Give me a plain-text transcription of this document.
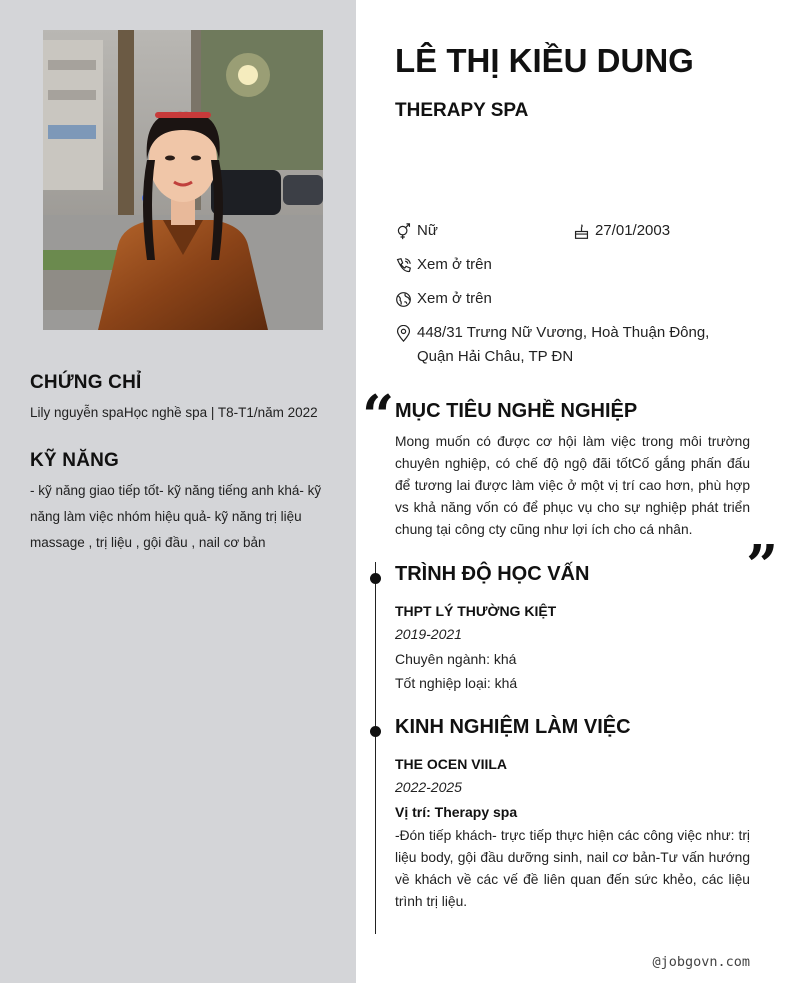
CHỨNG CHỈ
Lily nguyễn spaHọc nghề spa | T8-T1/năm 2022
KỸ NĂNG
- kỹ năng giao tiếp tốt- kỹ năng tiếng anh khá- kỹ năng làm việc nhóm hiệu quả- kỹ năng trị liệu massage , trị liệu , gội đầu , nail cơ bản
LÊ THỊ KIỀU DUNG
THERAPY SPA
Nữ	27/01/2003
Xem ở trên
Xem ở trên
448/31 Trưng Nữ Vương, Hoà Thuận Đông,
Quận Hải Châu, TP ĐN
“ MỤC TIÊU NGHỀ NGHIỆP
Mong muốn có được cơ hội làm việc trong môi trường chuyên nghiệp, có chế độ ngộ đãi tốtCố gắng phấn đấu để tương lai được làm việc ở một vị trí cao hơn, phù hợp vs khả năng vốn có để phục vụ cho sự nghiệp phát triển chung tại công cty cũng như lợi ích cho cá nhân.
”
TRÌNH ĐỘ HỌC VẤN
THPT LÝ THƯỜNG KIỆT
2019-2021
Chuyên ngành: khá
Tốt nghiệp loại: khá
KINH NGHIỆM LÀM VIỆC
THE OCEN VIILA
2022-2025
Vị trí: Therapy spa
-Đón tiếp khách- trực tiếp thực hiện các công việc như: trị liệu body, gội đầu dưỡng sinh, nail cơ bản-Tư vấn hướng về khách về các vế đề liên quan đến sức khẻo, các liệu trình trị liệu.
@jobgovn.com
